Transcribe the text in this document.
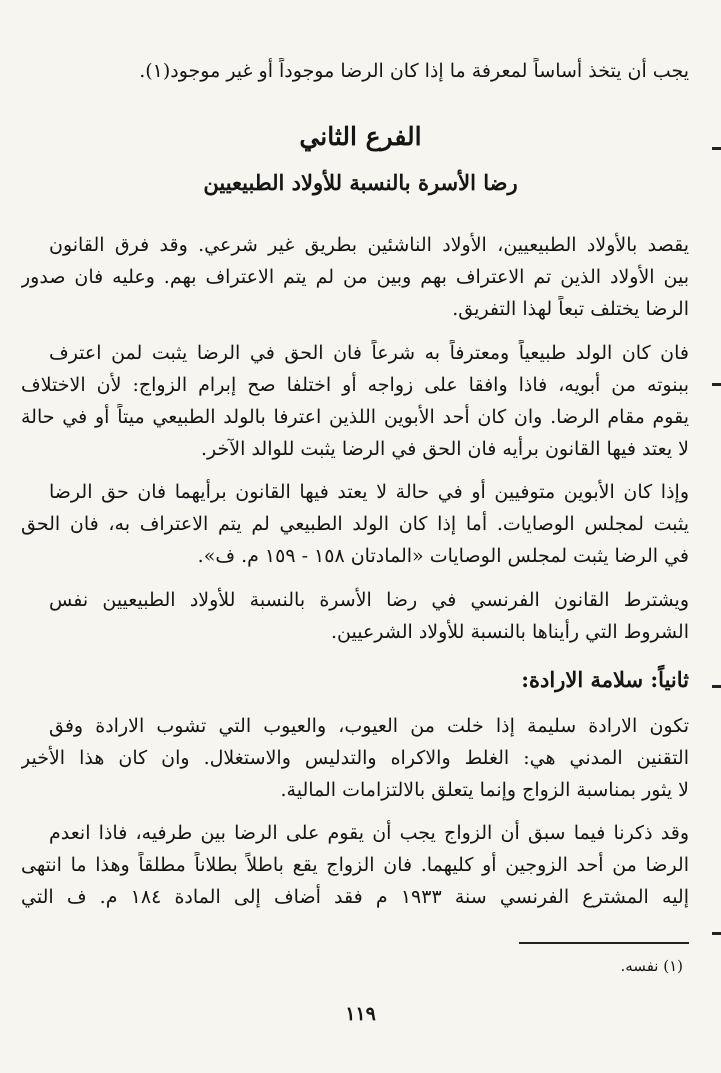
يجب أن يتخذ أساساً لمعرفة ما إذا كان الرضا موجوداً أو غير موجود(١).
الفرع الثاني
رضا الأسرة بالنسبة للأولاد الطبيعيين
يقصد بالأولاد الطبيعيين، الأولاد الناشئين بطريق غير شرعي. وقد فرق القانون
بين الأولاد الذين تم الاعتراف بهم وبين من لم يتم الاعتراف بهم. وعليه فان صدور
الرضا يختلف تبعاً لهذا التفريق.
فان كان الولد طبيعياً ومعترفاً به شرعاً فان الحق في الرضا يثبت لمن اعترف
ببنوته من أبويه، فاذا وافقا على زواجه أو اختلفا صح إبرام الزواج: لأن الاختلاف
يقوم مقام الرضا. وان كان أحد الأبوين اللذين اعترفا بالولد الطبيعي ميتاً أو في حالة
لا يعتد فيها القانون برأيه فان الحق في الرضا يثبت للوالد الآخر.
وإذا كان الأبوين متوفيين أو في حالة لا يعتد فيها القانون برأيهما فان حق الرضا
يثبت لمجلس الوصايات. أما إذا كان الولد الطبيعي لم يتم الاعتراف به، فان الحق
في الرضا يثبت لمجلس الوصايات «المادتان ١٥٨ - ١٥٩ م. ف».
ويشترط القانون الفرنسي في رضا الأسرة بالنسبة للأولاد الطبيعيين نفس
الشروط التي رأيناها بالنسبة للأولاد الشرعيين.
ثانياً: سلامة الارادة:
تكون الارادة سليمة إذا خلت من العيوب، والعيوب التي تشوب الارادة وفق
التقنين المدني هي: الغلط والاكراه والتدليس والاستغلال. وان كان هذا الأخير
لا يثور بمناسبة الزواج وإنما يتعلق بالالتزامات المالية.
وقد ذكرنا فيما سبق أن الزواج يجب أن يقوم على الرضا بين طرفيه، فاذا انعدم
الرضا من أحد الزوجين أو كليهما. فان الزواج يقع باطلاً بطلاناً مطلقاً وهذا ما انتهى
إليه المشترع الفرنسي سنة ١٩٣٣ م فقد أضاف إلى المادة ١٨٤ م. ف التي
(١) نفسه.
١١٩
